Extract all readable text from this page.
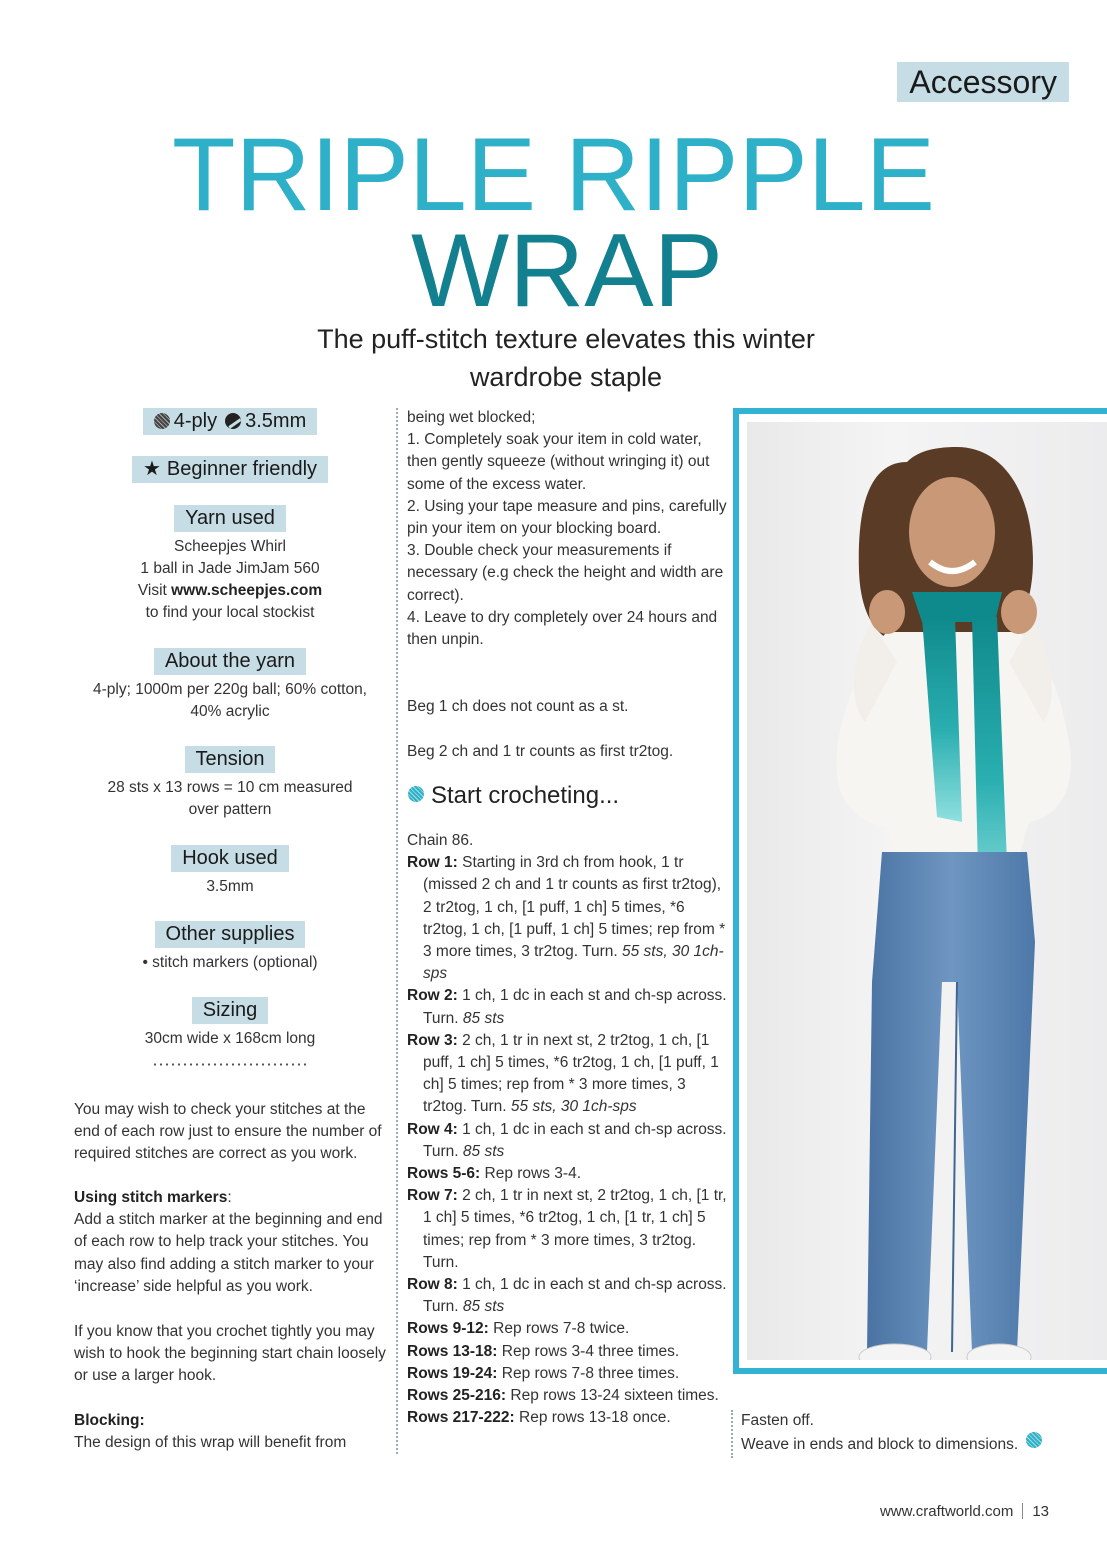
Accessory
TRIPLE RIPPLE
WRAP
The puff-stitch texture elevates this winter wardrobe staple
4-ply 3.5mm
★ Beginner friendly
Yarn used
Scheepjes Whirl
1 ball in Jade JimJam 560
Visit www.scheepjes.com
to find your local stockist
About the yarn
4-ply; 1000m per 220g ball; 60% cotton, 40% acrylic
Tension
28 sts x 13 rows = 10 cm measured over pattern
Hook used
3.5mm
Other supplies
• stitch markers (optional)
Sizing
30cm wide x 168cm long
You may wish to check your stitches at the end of each row just to ensure the number of required stitches are correct as you work.
Using stitch markers:
Add a stitch marker at the beginning and end of each row to help track your stitches. You may also find adding a stitch marker to your ‘increase’ side helpful as you work.
If you know that you crochet tightly you may wish to hook the beginning start chain loosely or use a larger hook.
Blocking:
The design of this wrap will benefit from
being wet blocked;
1. Completely soak your item in cold water, then gently squeeze (without wringing it) out some of the excess water.
2. Using your tape measure and pins, carefully pin your item on your blocking board.
3. Double check your measurements if necessary (e.g check the height and width are correct).
4. Leave to dry completely over 24 hours and then unpin.
Beg 1 ch does not count as a st.
Beg 2 ch and 1 tr counts as first tr2tog.
Start crocheting...
Chain 86.
Row 1: Starting in 3rd ch from hook, 1 tr (missed 2 ch and 1 tr counts as first tr2tog), 2 tr2tog, 1 ch, [1 puff, 1 ch] 5 times, *6 tr2tog, 1 ch, [1 puff, 1 ch] 5 times; rep from * 3 more times, 3 tr2tog. Turn. 55 sts, 30 1ch-sps
Row 2: 1 ch, 1 dc in each st and ch-sp across. Turn. 85 sts
Row 3: 2 ch, 1 tr in next st, 2 tr2tog, 1 ch, [1 puff, 1 ch] 5 times, *6 tr2tog, 1 ch, [1 puff, 1 ch] 5 times; rep from * 3 more times, 3 tr2tog. Turn. 55 sts, 30 1ch-sps
Row 4: 1 ch, 1 dc in each st and ch-sp across. Turn. 85 sts
Rows 5-6: Rep rows 3-4.
Row 7: 2 ch, 1 tr in next st, 2 tr2tog, 1 ch, [1 tr, 1 ch] 5 times, *6 tr2tog, 1 ch, [1 tr, 1 ch] 5 times; rep from * 3 more times, 3 tr2tog. Turn.
Row 8: 1 ch, 1 dc in each st and ch-sp across. Turn. 85 sts
Rows 9-12: Rep rows 7-8 twice.
Rows 13-18: Rep rows 3-4 three times.
Rows 19-24: Rep rows 7-8 three times.
Rows 25-216: Rep rows 13-24 sixteen times.
Rows 217-222: Rep rows 13-18 once.	Fasten off.
Weave in ends and block to dimensions.
www.craftworld.com 13
